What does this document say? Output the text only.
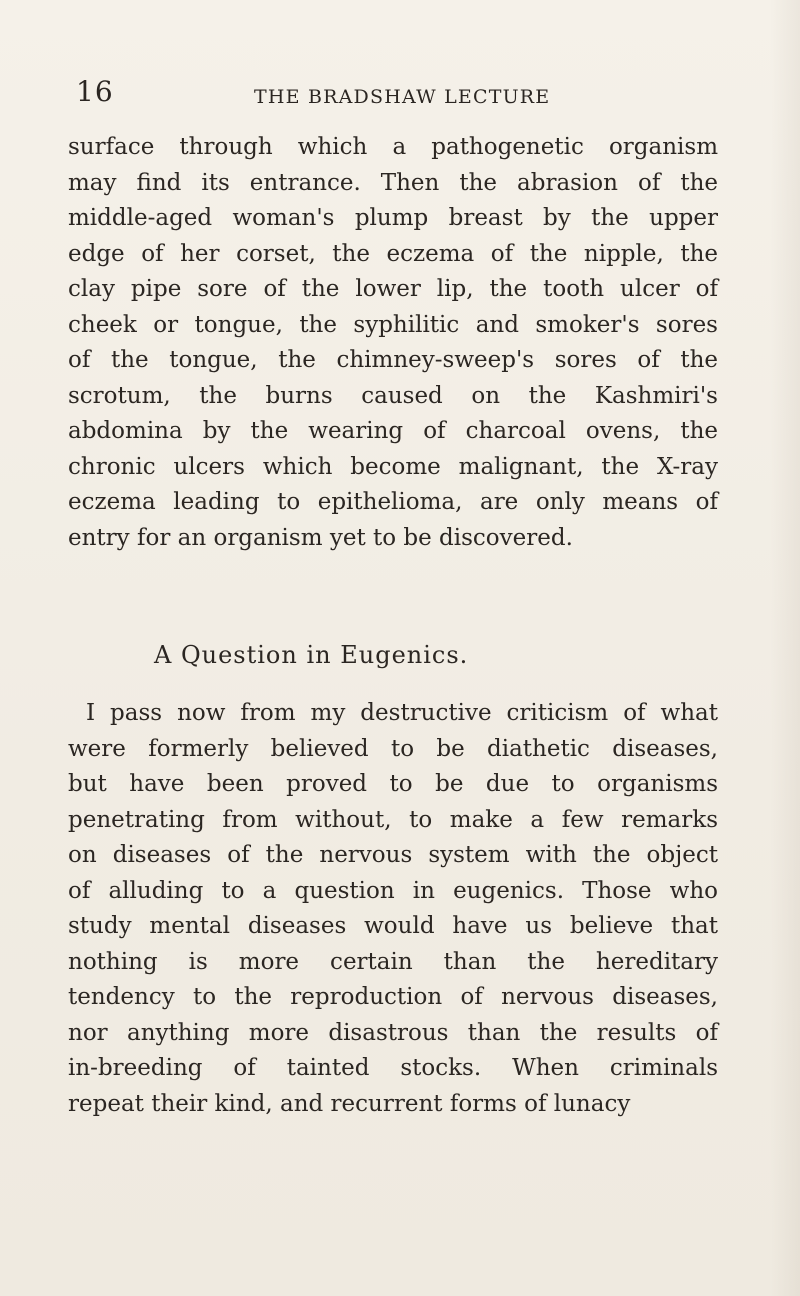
16	THE BRADSHAW LECTURE
surface through which a pathogenetic organism
may find its entrance. Then the abrasion of the
middle-aged woman's plump breast by the upper
edge of her corset, the eczema of the nipple, the
clay pipe sore of the lower lip, the tooth ulcer of
cheek or tongue, the syphilitic and smoker's sores
of the tongue, the chimney-sweep's sores of the
scrotum, the burns caused on the Kashmiri's
abdomina by the wearing of charcoal ovens, the
chronic ulcers which become malignant, the X-ray
eczema leading to epithelioma, are only means of
entry for an organism yet to be discovered.
A Question in Eugenics.
I pass now from my destructive criticism of what
were formerly believed to be diathetic diseases,
but have been proved to be due to organisms
penetrating from without, to make a few remarks
on diseases of the nervous system with the object
of alluding to a question in eugenics. Those who
study mental diseases would have us believe that
nothing is more certain than the hereditary
tendency to the reproduction of nervous diseases,
nor anything more disastrous than the results of
in-breeding of tainted stocks. When criminals
repeat their kind, and recurrent forms of lunacy
